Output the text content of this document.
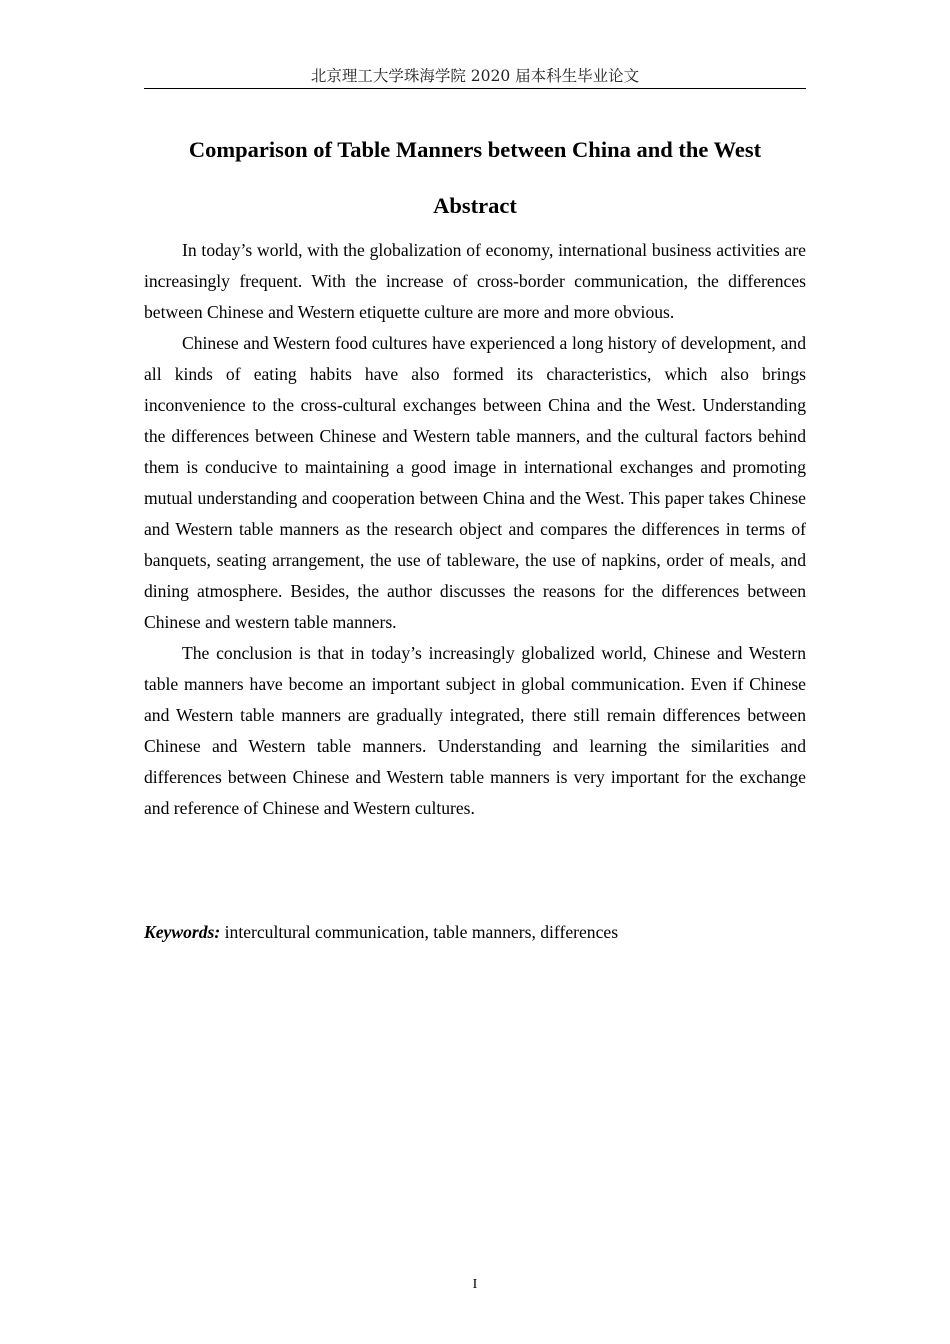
北京理工大学珠海学院 2020 届本科生毕业论文
Comparison of Table Manners between China and the West
Abstract

In today’s world, with the globalization of economy, international business activities are increasingly frequent. With the increase of cross-border communication, the differences between Chinese and Western etiquette culture are more and more obvious.

Chinese and Western food cultures have experienced a long history of development, and all kinds of eating habits have also formed its characteristics, which also brings inconvenience to the cross-cultural exchanges between China and the West. Understanding the differences between Chinese and Western table manners, and the cultural factors behind them is conducive to maintaining a good image in international exchanges and promoting mutual understanding and cooperation between China and the West. This paper takes Chinese and Western table manners as the research object and compares the differences in terms of banquets, seating arrangement, the use of tableware, the use of napkins, order of meals, and dining atmosphere. Besides, the author discusses the reasons for the differences between Chinese and western table manners.

The conclusion is that in today’s increasingly globalized world, Chinese and Western table manners have become an important subject in global communication. Even if Chinese and Western table manners are gradually integrated, there still remain differences between Chinese and Western table manners. Understanding and learning the similarities and differences between Chinese and Western table manners is very important for the exchange and reference of Chinese and Western cultures.

Keywords: intercultural communication, table manners, differences

I
